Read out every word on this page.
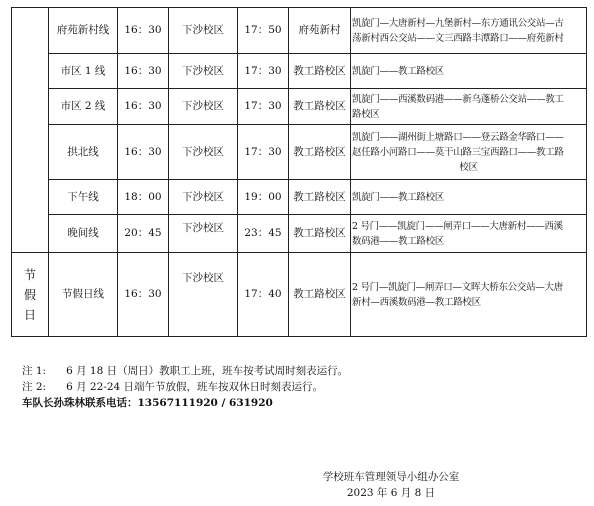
	府苑新村线	16：30	下沙校区	17：50	府苑新村	凯旋门—大唐新村—九堡新村—东方通讯公交站—古
荡新村西公交站——文三西路丰潭路口——府苑新村
	市区 1 线	16：30	下沙校区	17：30	教工路校区	凯旋门——教工路校区
	市区 2 线	16：30	下沙校区	17：30	教工路校区	凯旋门——西溪数码港——新乌蓬桥公交站——教工
路校区
	拱北线	16：30	下沙校区	17：30	教工路校区	凯旋门——湖州街上塘路口——登云路金华路口——
赵任路小河路口——莫干山路三宝西路口——教工路
校区

	下午线	18：00	下沙校区	19：00	教工路校区	凯旋门——教工路校区
	晚间线	20：45	下沙校区	23：45	教工路校区	2 号门——凯旋门——闸弄口——大唐新村——西溪
数码港——教工路校区
节
假
日	节假日线	16：30	下沙校区	17：40	教工路校区	2 号门—凯旋门—闸弄口—文晖大桥东公交站—大唐
新村—西溪数码港—教工路校区
注 1:      6 月 18 日（周日）教职工上班，班车按考试周时刻表运行。
注 2:      6 月 22-24 日端午节放假，班车按双休日时刻表运行。
车队长孙珠林联系电话：13567111920 / 631920
学校班车管理领导小组办公室
2023 年 6 月 8 日
